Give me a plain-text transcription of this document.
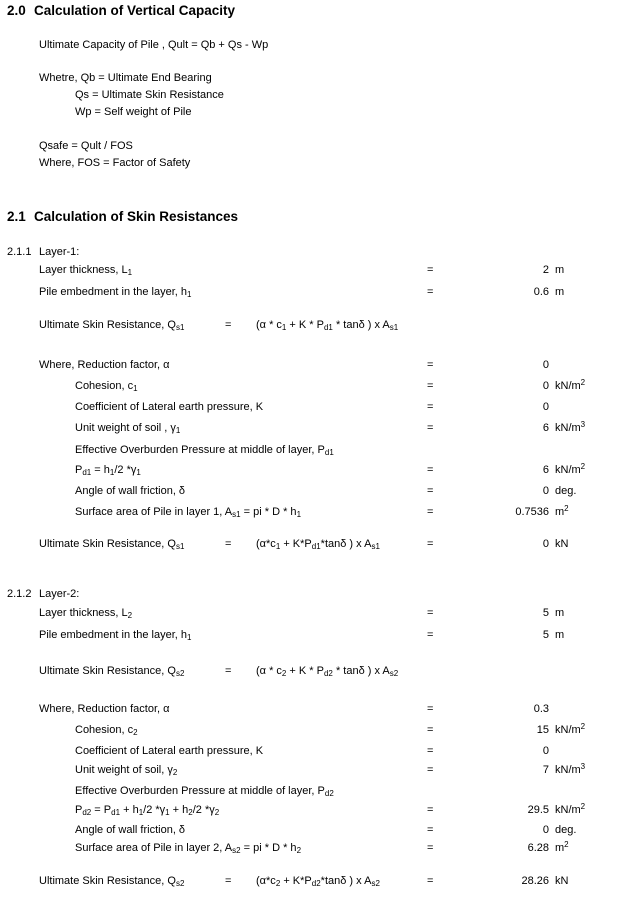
2.0 Calculation of Vertical Capacity
Ultimate Capacity of Pile , Qult = Qb + Qs - Wp
Whetre, Qb = Ultimate End Bearing
Qs = Ultimate Skin Resistance
Wp = Self weight of Pile
Qsafe = Qult / FOS
Where, FOS = Factor of Safety
2.1 Calculation of Skin Resistances
2.1.1 Layer-1:
Layer thickness, $L_1$	=	2 m
Pile embedment in the layer, $h_1$	=	0.6 m
Ultimate Skin Resistance, $Q_{s1}$	= ($\alpha * c_1 + K * P_{d1} * \tan\delta$ ) x $A_{s1}$
Where, Reduction factor, α	=	0
Cohesion, $c_1$	=	0 $kN/m^2$
Coefficient of Lateral earth pressure, K	=	0
Unit weight of soil , $\gamma_1$	=	6 $kN/m^3$
Effective Overburden Pressure at middle of layer, $P_{d1}$
$P_{d1} = h_1/2$ $*\gamma_1$	=	6 $kN/m^2$
Angle of wall friction, δ	=	0 deg.
Surface area of Pile in layer 1, $A_{s1}$ = pi * D * $h_1$	=	0.7536 $m^2$
Ultimate Skin Resistance, $Q_{s1}$	= ($\alpha*c_1 + K*P_{d1}*\tan\delta$ ) x $A_{s1}$	=	0 kN
2.1.2 Layer-2:
Layer thickness, $L_2$	=	5 m
Pile embedment in the layer, $h_1$	=	5 m
Ultimate Skin Resistance, $Q_{s2}$	= ($\alpha * c_2 + K * P_{d2} * \tan\delta$ ) x $A_{s2}$
Where, Reduction factor, α	=	0.3
Cohesion, $c_2$	=	15 $kN/m^2$
Coefficient of Lateral earth pressure, K	=	0
Unit weight of soil, $\gamma_2$	=	7 $kN/m^3$
Effective Overburden Pressure at middle of layer, $P_{d2}$
$P_{d2} = P_{d1} + h_1/2$ $*\gamma_1 + h_2/2$ $*\gamma_2$	=	29.5 $kN/m^2$
Angle of wall friction, δ	=	0 deg.
Surface area of Pile in layer 2, $A_{s2}$ = pi * D * $h_2$	=	6.28 $m^2$
Ultimate Skin Resistance, $Q_{s2}$	= ($\alpha*c_2 + K*P_{d2}*\tan\delta$ ) x $A_{s2}$	=	28.26 kN
